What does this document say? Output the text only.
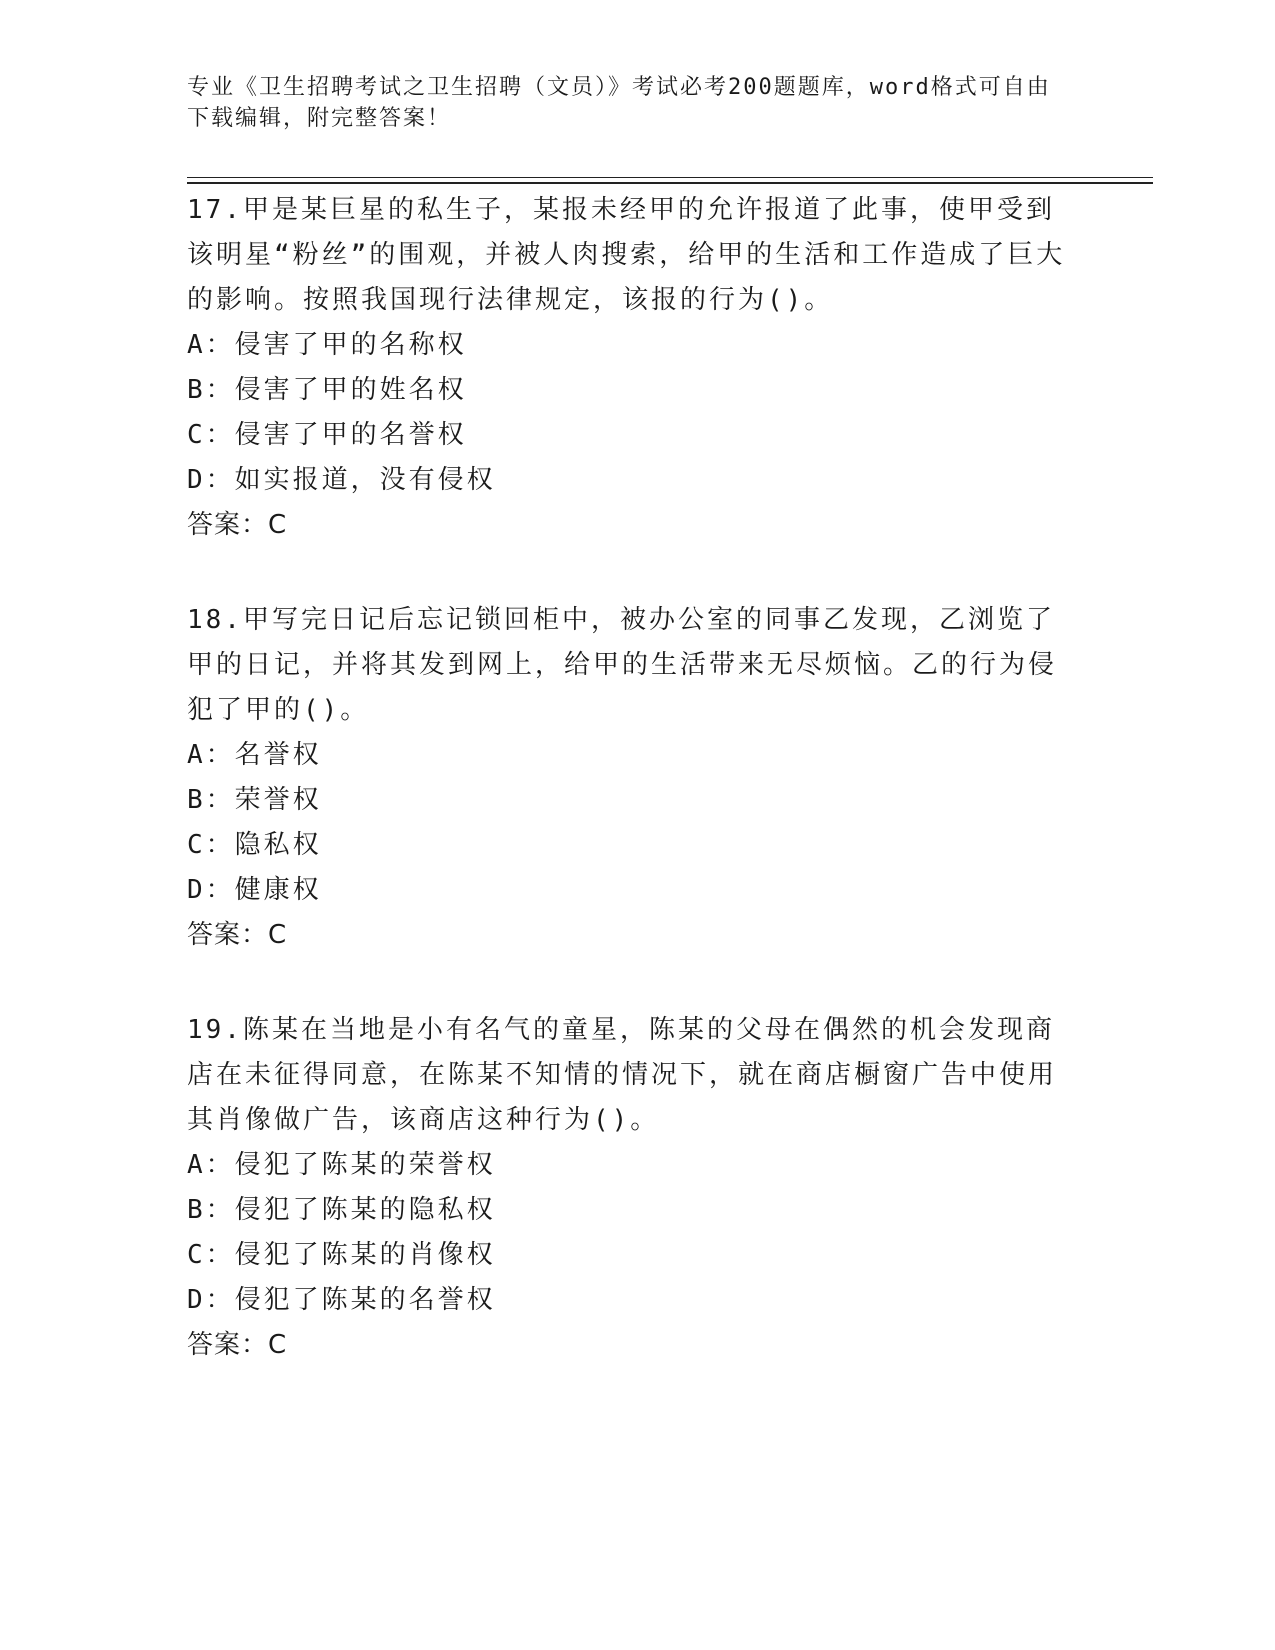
专业《卫生招聘考试之卫生招聘（文员）》考试必考200题题库，word格式可自由下载编辑，附完整答案！
17.甲是某巨星的私生子，某报未经甲的允许报道了此事，使甲受到该明星“粉丝”的围观，并被人肉搜索，给甲的生活和工作造成了巨大的影响。按照我国现行法律规定，该报的行为()。
A：侵害了甲的名称权
B：侵害了甲的姓名权
C：侵害了甲的名誉权
D：如实报道，没有侵权
答案：C
18.甲写完日记后忘记锁回柜中，被办公室的同事乙发现，乙浏览了甲的日记，并将其发到网上，给甲的生活带来无尽烦恼。乙的行为侵犯了甲的()。
A：名誉权
B：荣誉权
C：隐私权
D：健康权
答案：C
19.陈某在当地是小有名气的童星，陈某的父母在偶然的机会发现商店在未征得同意，在陈某不知情的情况下，就在商店橱窗广告中使用其肖像做广告，该商店这种行为()。
A：侵犯了陈某的荣誉权
B：侵犯了陈某的隐私权
C：侵犯了陈某的肖像权
D：侵犯了陈某的名誉权
答案：C
